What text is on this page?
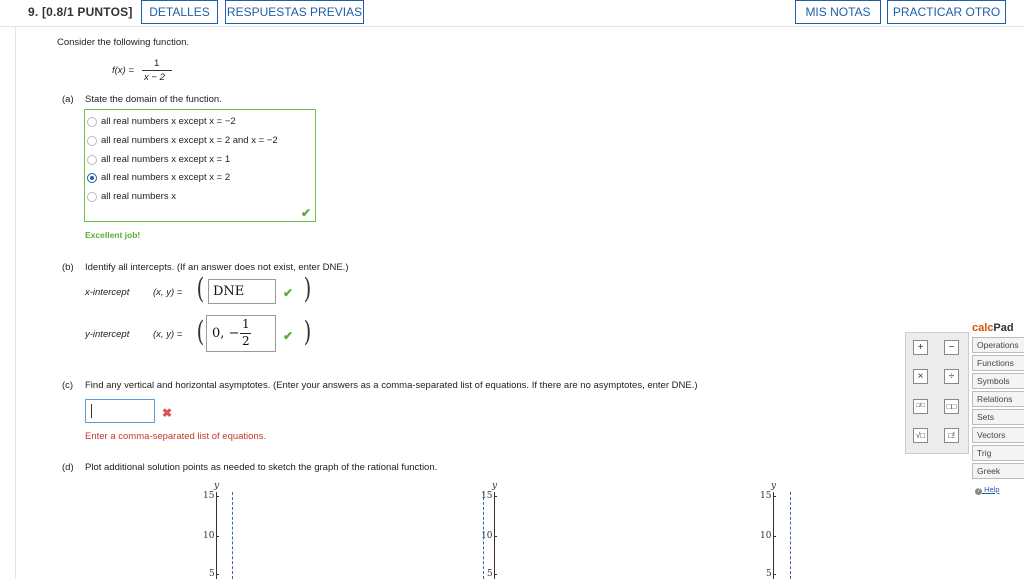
9. [0.8/1 PUNTOS]	DETALLES	RESPUESTAS PREVIAS	MIS NOTAS	PRACTICAR OTRO
Consider the following function.
f(x) =
1
x − 2
(a) State the domain of the function.
all real numbers x except x = −2
all real numbers x except x = 2 and x = −2
all real numbers x except x = 1
all real numbers x except x = 2
all real numbers x
✔
Excellent job!
(b) Identify all intercepts. (If an answer does not exist, enter DNE.)
x-intercept (x, y) = ( DNE	✔ )
y-intercept (x, y) = ( 0, −
1
2	✔ )
(c) Find any vertical and horizontal asymptotes. (Enter your answers as a comma-separated list of equations. If there are no asymptotes, enter DNE.)
✖
Enter a comma-separated list of equations.
(d) Plot additional solution points as needed to sketch the graph of the rational function.
y
15
10
5
y
15
10
5
y
15
10
5
+	−
×	÷
□/□	□□
√□	□!
calcPad
Operations
Functions
Symbols
Relations
Sets
Vectors
Trig
Greek
? Help
